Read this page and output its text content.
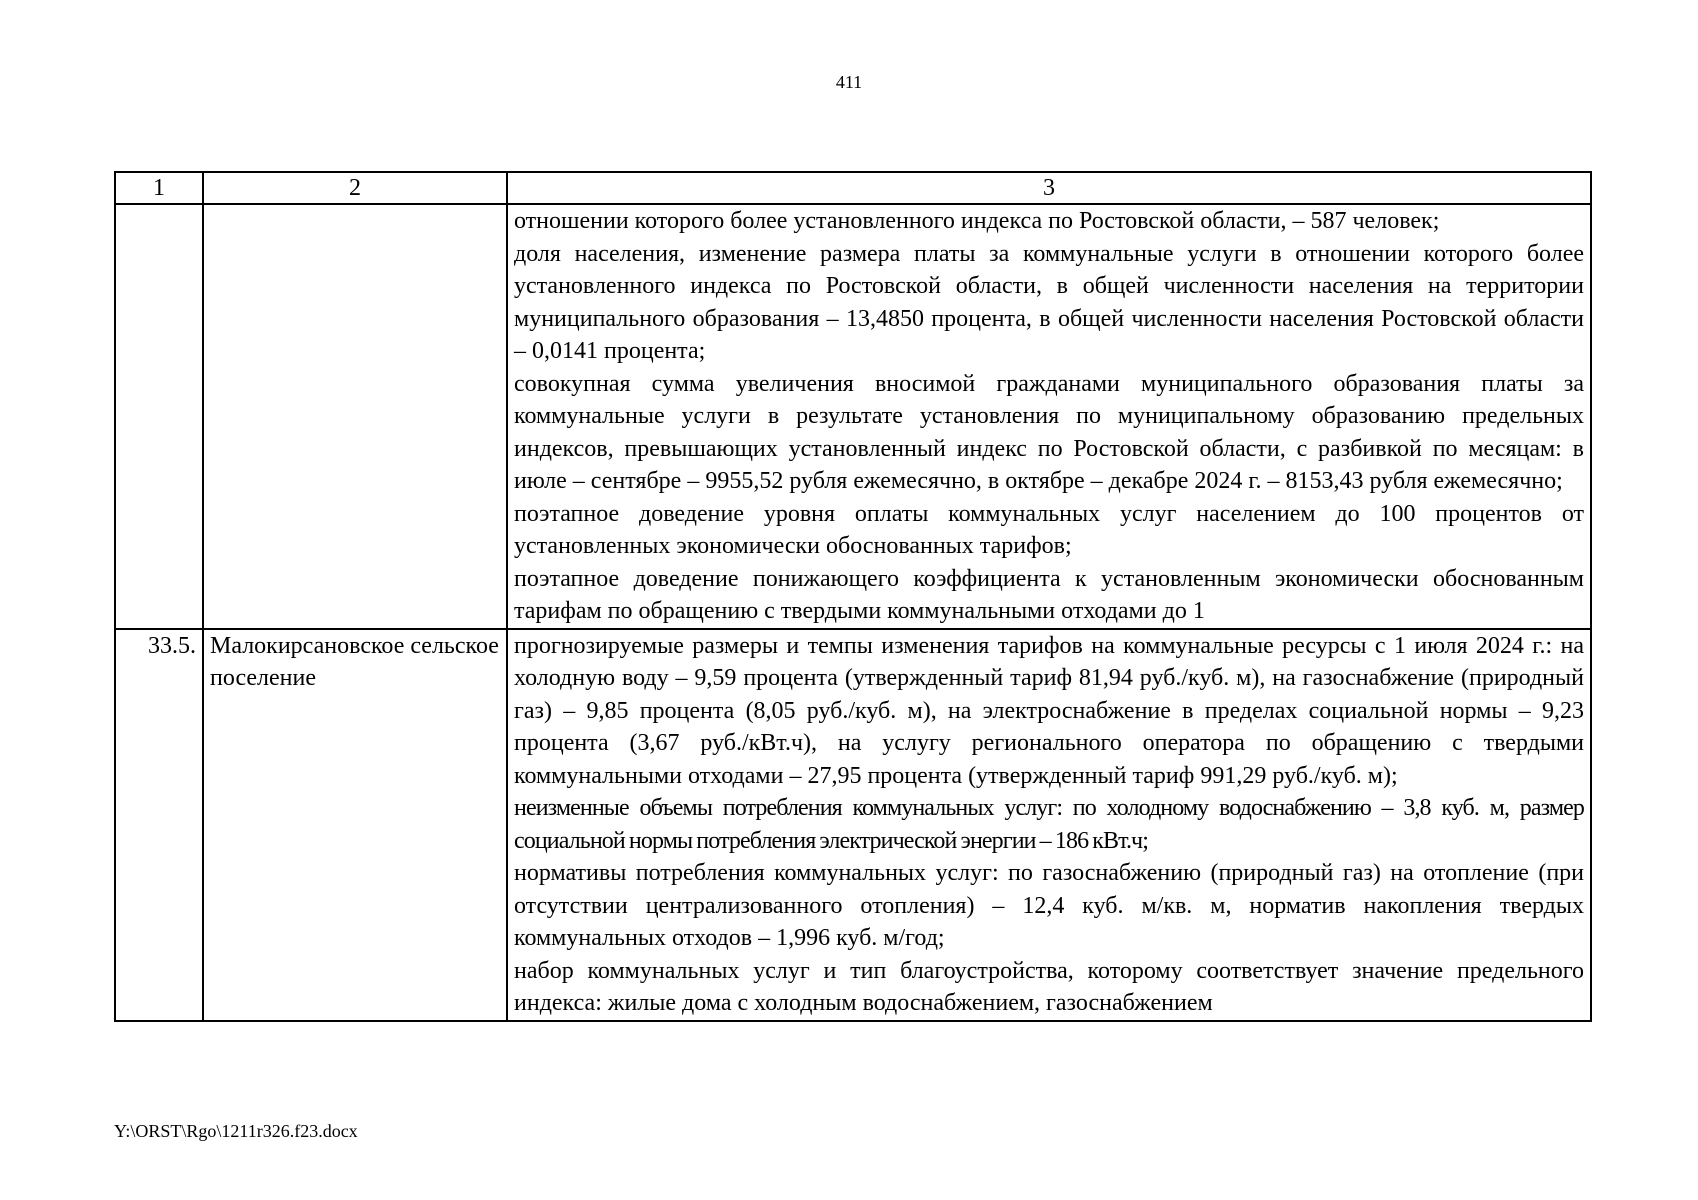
411
1	2	3

		отношении которого более установленного индекса по Ростовской области, – 587 человек;

доля населения, изменение размера платы за коммунальные услуги в отношении которого более установленного индекса по Ростовской области, в общей численности населения на территории муниципального образования – 13,4850 процента, в общей численности населения Ростовской области – 0,0141 процента;

совокупная сумма увеличения вносимой гражданами муниципального образования платы за коммунальные услуги в результате установления по муниципальному образованию предельных индексов, превышающих установленный индекс по Ростовской области, с разбивкой по месяцам: в июле – сентябре – 9955,52 рубля ежемесячно, в октябре – декабре 2024 г. – 8153,43 рубля ежемесячно;

поэтапное доведение уровня оплаты коммунальных услуг населением до 100 процентов от установленных экономически обоснованных тарифов;

поэтапное доведение понижающего коэффициента к установленным экономически обоснованным тарифам по обращению с твердыми коммунальными отходами до 1

33.5.	Малокирсановское сельское поселение	прогнозируемые размеры и темпы изменения тарифов на коммунальные ресурсы с 1 июля 2024 г.: на холодную воду – 9,59 процента (утвержденный тариф 81,94 руб./куб. м), на газоснабжение (природный газ) – 9,85 процента (8,05 руб./куб. м), на электроснабжение в пределах социальной нормы – 9,23 процента (3,67 руб./кВт.ч), на услугу регионального оператора по обращению с твердыми коммунальными отходами – 27,95 процента (утвержденный тариф 991,29 руб./куб. м);

неизменные объемы потребления коммунальных услуг: по холодному водоснабжению – 3,8 куб. м, размер социальной нормы потребления электрической энергии – 186 кВт.ч;

нормативы потребления коммунальных услуг: по газоснабжению (природный газ) на отопление (при отсутствии централизованного отопления) – 12,4 куб. м/кв. м, норматив накопления твердых коммунальных отходов – 1,996 куб. м/год;

набор коммунальных услуг и тип благоустройства, которому соответствует значение предельного индекса: жилые дома с холодным водоснабжением, газоснабжением

Y:\ORST\Rgo\1211r326.f23.docx
